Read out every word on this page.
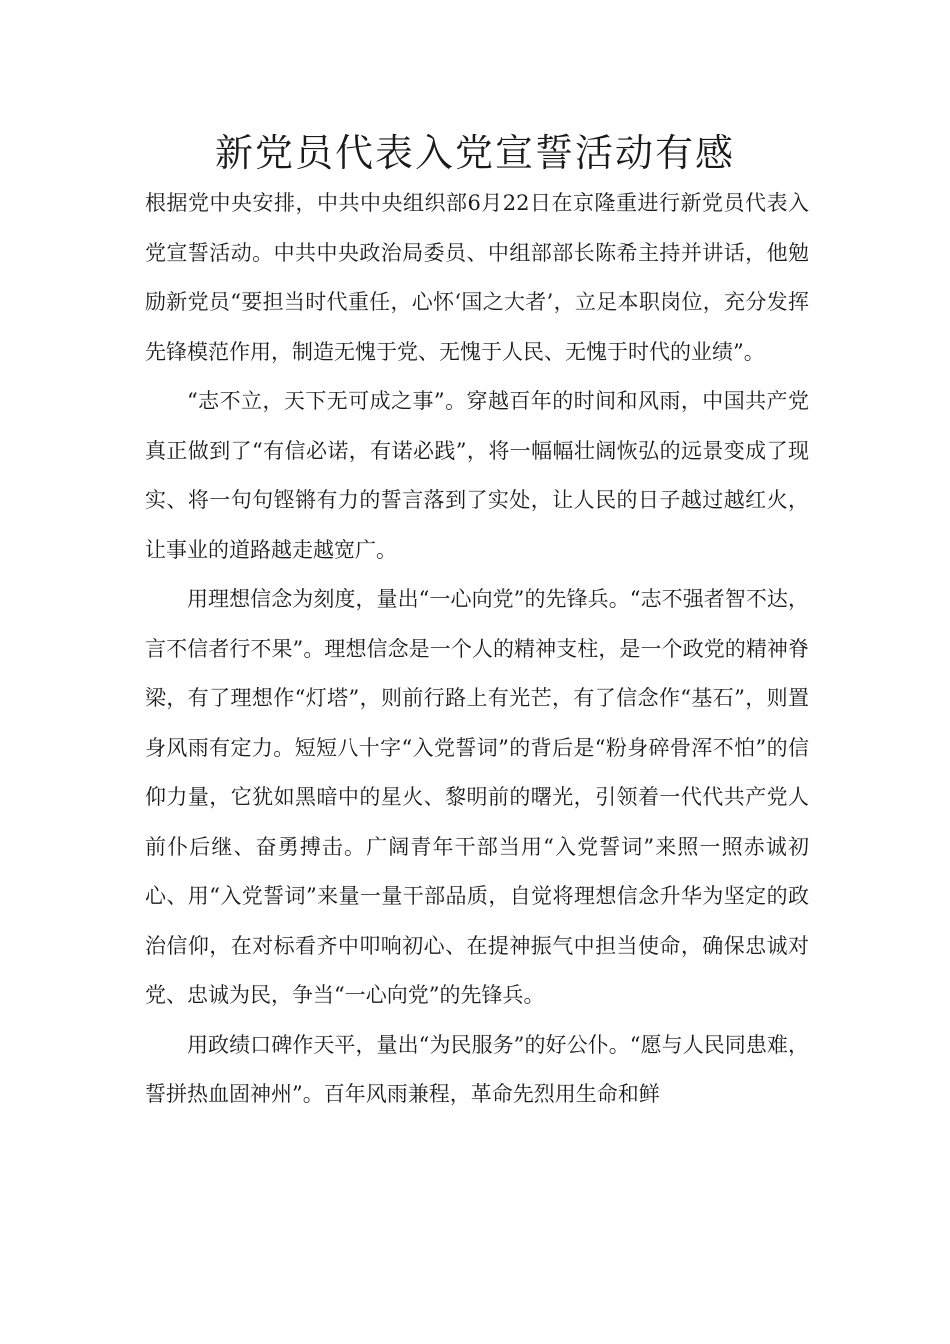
新党员代表入党宣誓活动有感

根据党中央安排，中共中央组织部6月22日在京隆重进行新党员代表入党宣誓活动。中共中央政治局委员、中组部部长陈希主持并讲话，他勉励新党员“要担当时代重任，心怀‘国之大者’，立足本职岗位，充分发挥先锋模范作用，制造无愧于党、无愧于人民、无愧于时代的业绩”。

“志不立，天下无可成之事”。穿越百年的时间和风雨，中国共产党真正做到了“有信必诺，有诺必践”，将一幅幅壮阔恢弘的远景变成了现实、将一句句铿锵有力的誓言落到了实处，让人民的日子越过越红火，让事业的道路越走越宽广。

用理想信念为刻度，量出“一心向党”的先锋兵。“志不强者智不达，言不信者行不果”。理想信念是一个人的精神支柱，是一个政党的精神脊梁，有了理想作“灯塔”，则前行路上有光芒，有了信念作“基石”，则置身风雨有定力。短短八十字“入党誓词”的背后是“粉身碎骨浑不怕”的信仰力量，它犹如黑暗中的星火、黎明前的曙光，引领着一代代共产党人前仆后继、奋勇搏击。广阔青年干部当用“入党誓词”来照一照赤诚初心、用“入党誓词”来量一量干部品质，自觉将理想信念升华为坚定的政治信仰，在对标看齐中叩响初心、在提神振气中担当使命，确保忠诚对党、忠诚为民，争当“一心向党”的先锋兵。

用政绩口碑作天平，量出“为民服务”的好公仆。“愿与人民同患难，誓拼热血固神州”。百年风雨兼程，革命先烈用生命和鲜
